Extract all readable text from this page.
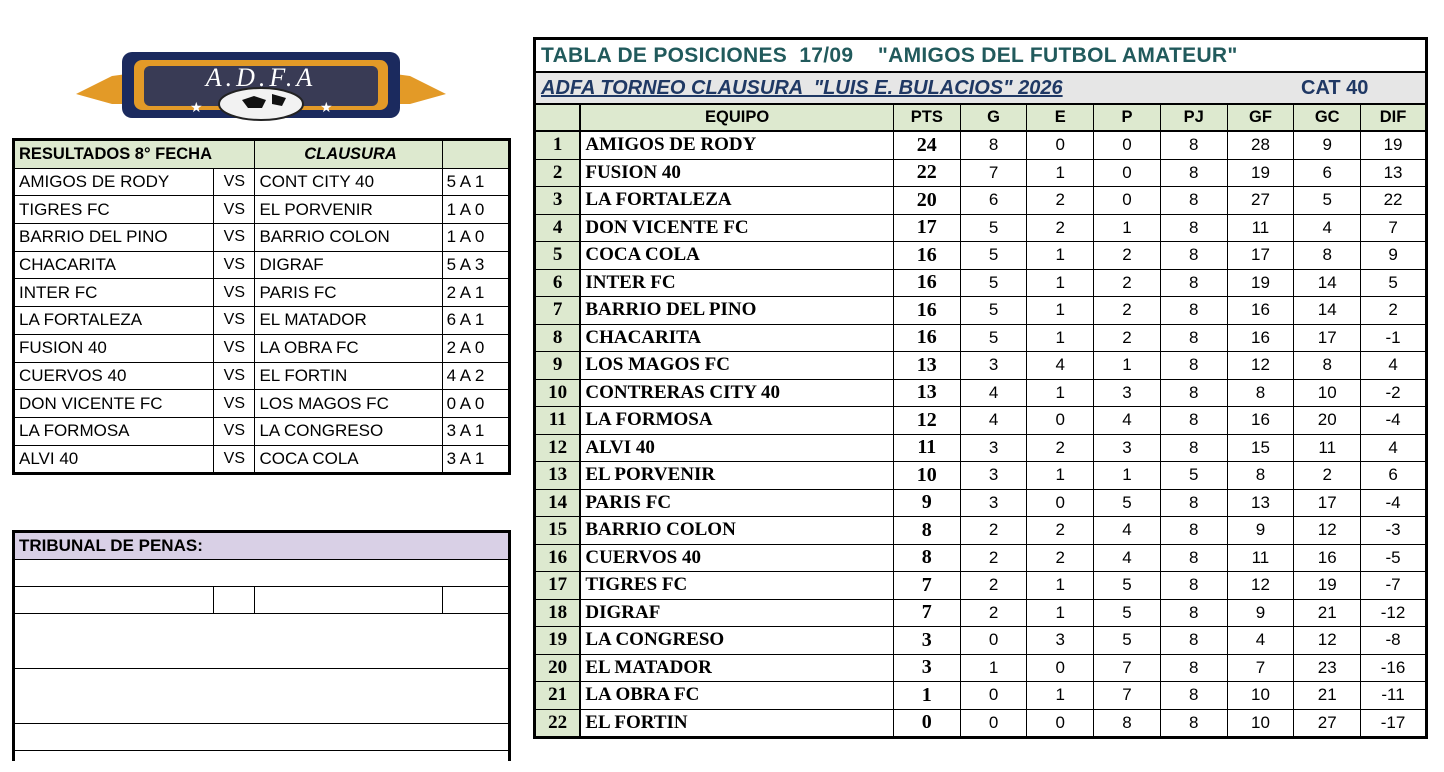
★	★
A.D.F.A
RESULTADOS 8° FECHA		CLAUSURA	
AMIGOS DE RODY	VS	CONT CITY 40	5 A 1
TIGRES FC	VS	EL PORVENIR	1 A 0
BARRIO DEL PINO	VS	BARRIO COLON	1 A 0
CHACARITA	VS	DIGRAF	5 A 3
INTER FC	VS	PARIS FC	2 A 1
LA FORTALEZA	VS	EL MATADOR	6 A 1
FUSION 40	VS	LA OBRA FC	2 A 0
CUERVOS 40	VS	EL FORTIN	4 A 2
DON VICENTE FC	VS	LOS MAGOS FC	0 A 0
LA FORMOSA	VS	LA CONGRESO	3 A 1
ALVI 40	VS	COCA COLA	3 A 1
TRIBUNAL DE PENAS:

TABLA DE POSICIONES  17/09    "AMIGOS DEL FUTBOL AMATEUR"									
ADFA TORNEO CLAUSURA  "LUIS E. BULACIOS" 2026 CAT 40									

	EQUIPO	PTS	G	E	P	PJ	GF	GC	DIF
1	AMIGOS DE RODY	24	8	0	0	8	28	9	19
2	FUSION 40	22	7	1	0	8	19	6	13
3	LA FORTALEZA	20	6	2	0	8	27	5	22
4	DON VICENTE FC	17	5	2	1	8	11	4	7
5	COCA COLA	16	5	1	2	8	17	8	9
6	INTER FC	16	5	1	2	8	19	14	5
7	BARRIO DEL PINO	16	5	1	2	8	16	14	2
8	CHACARITA	16	5	1	2	8	16	17	-1
9	LOS MAGOS FC	13	3	4	1	8	12	8	4
10	CONTRERAS CITY 40	13	4	1	3	8	8	10	-2
11	LA FORMOSA	12	4	0	4	8	16	20	-4
12	ALVI 40	11	3	2	3	8	15	11	4
13	EL PORVENIR	10	3	1	1	5	8	2	6
14	PARIS FC	9	3	0	5	8	13	17	-4
15	BARRIO COLON	8	2	2	4	8	9	12	-3
16	CUERVOS 40	8	2	2	4	8	11	16	-5
17	TIGRES FC	7	2	1	5	8	12	19	-7
18	DIGRAF	7	2	1	5	8	9	21	-12
19	LA CONGRESO	3	0	3	5	8	4	12	-8
20	EL MATADOR	3	1	0	7	8	7	23	-16
21	LA OBRA FC	1	0	1	7	8	10	21	-11
22	EL FORTIN	0	0	0	8	8	10	27	-17
